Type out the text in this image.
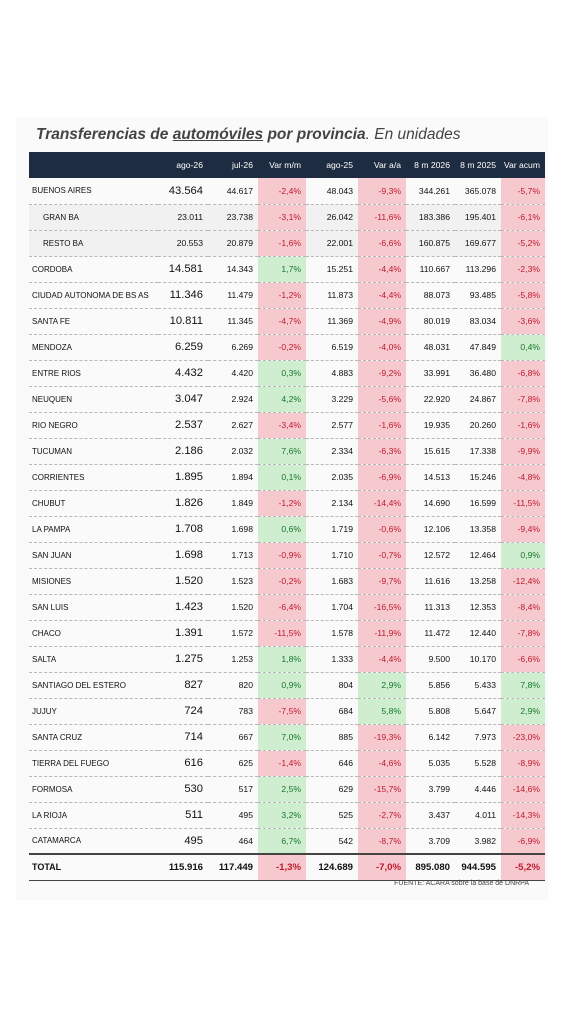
Transferencias de automóviles por provincia. En unidades
	ago-26	jul-26	Var m/m	ago-25	Var a/a	8 m 2026	8 m 2025	Var acum
BUENOS AIRES	43.564	44.617	-2,4%	48.043	-9,3%	344.261	365.078	-5,7%
GRAN BA	23.011	23.738	-3,1%	26.042	-11,6%	183.386	195.401	-6,1%
RESTO BA	20.553	20.879	-1,6%	22.001	-6,6%	160.875	169.677	-5,2%
CORDOBA	14.581	14.343	1,7%	15.251	-4,4%	110.667	113.296	-2,3%
CIUDAD AUTONOMA DE BS AS	11.346	11.479	-1,2%	11.873	-4,4%	88.073	93.485	-5,8%
SANTA FE	10.811	11.345	-4,7%	11.369	-4,9%	80.019	83.034	-3,6%
MENDOZA	6.259	6.269	-0,2%	6.519	-4,0%	48.031	47.849	0,4%
ENTRE RIOS	4.432	4.420	0,3%	4.883	-9,2%	33.991	36.480	-6,8%
NEUQUEN	3.047	2.924	4,2%	3.229	-5,6%	22.920	24.867	-7,8%
RIO NEGRO	2.537	2.627	-3,4%	2.577	-1,6%	19.935	20.260	-1,6%
TUCUMAN	2.186	2.032	7,6%	2.334	-6,3%	15.615	17.338	-9,9%
CORRIENTES	1.895	1.894	0,1%	2.035	-6,9%	14.513	15.246	-4,8%
CHUBUT	1.826	1.849	-1,2%	2.134	-14,4%	14.690	16.599	-11,5%
LA PAMPA	1.708	1.698	0,6%	1.719	-0,6%	12.106	13.358	-9,4%
SAN JUAN	1.698	1.713	-0,9%	1.710	-0,7%	12.572	12.464	0,9%
MISIONES	1.520	1.523	-0,2%	1.683	-9,7%	11.616	13.258	-12,4%
SAN LUIS	1.423	1.520	-6,4%	1.704	-16,5%	11.313	12.353	-8,4%
CHACO	1.391	1.572	-11,5%	1.578	-11,9%	11.472	12.440	-7,8%
SALTA	1.275	1.253	1,8%	1.333	-4,4%	9.500	10.170	-6,6%
SANTIAGO DEL ESTERO	827	820	0,9%	804	2,9%	5.856	5.433	7,8%
JUJUY	724	783	-7,5%	684	5,8%	5.808	5.647	2,9%
SANTA CRUZ	714	667	7,0%	885	-19,3%	6.142	7.973	-23,0%
TIERRA DEL FUEGO	616	625	-1,4%	646	-4,6%	5.035	5.528	-8,9%
FORMOSA	530	517	2,5%	629	-15,7%	3.799	4.446	-14,6%
LA RIOJA	511	495	3,2%	525	-2,7%	3.437	4.011	-14,3%
CATAMARCA	495	464	6,7%	542	-8,7%	3.709	3.982	-6,9%
TOTAL	115.916	117.449	-1,3%	124.689	-7,0%	895.080	944.595	-5,2%
FUENTE: ACARA sobre la base de DNRPA
